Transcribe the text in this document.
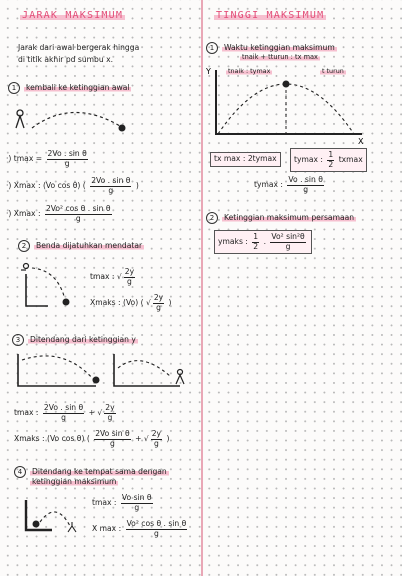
JARAK MAKSIMUM
Jarak dari awal bergerak hingga
di titik akhir pd sumbu x.
1 kembali ke ketinggian awal
·) $tmax = \frac{\text{2Vo . sin θ}}{g}$
·) Xmax : (Vo cos θ) ( $\frac{\text{2Vo . sin θ}}{g}$ )
·) Xmax : $\frac{\text{2Vo² cos θ . sin θ}}{g}$
2 Benda dijatuhkan mendatar
tmax : √ $\frac{2y}{g}$
Xmaks : (Vo) ( √ $\frac{2y}{g}$ )
3 Ditendang dari ketinggian y
tmax : $\frac{\text{2Vo . sin θ}}{g}$ + √ $\frac{2y}{g}$
Xmaks : (Vo cos θ) ( $\frac{\text{2Vo sin θ}}{g}$ + √ $\frac{2y}{g}$ )
4 Ditendang ke tempat sama dengan
ketinggian maksimum
tmax : $\frac{\text{Vo sin θ}}{g}$
X max : $\frac{\text{Vo² cos θ . sin θ}}{g}$
TINGGI MAKSIMUM
1 Waktu ketinggian maksimum
tnaik + tturun : tx max
tnaik : tymax	t turun
Y
X
tx max : 2tymax	tymax : $\frac{1}{2}$ txmax
tymax : $\frac{\text{Vo . sin θ}}{g}$
2 Ketinggian maksimum persamaan
ymaks : $\frac{1}{2}$ . $\frac{\text{Vo² sin²θ}}{g}$
